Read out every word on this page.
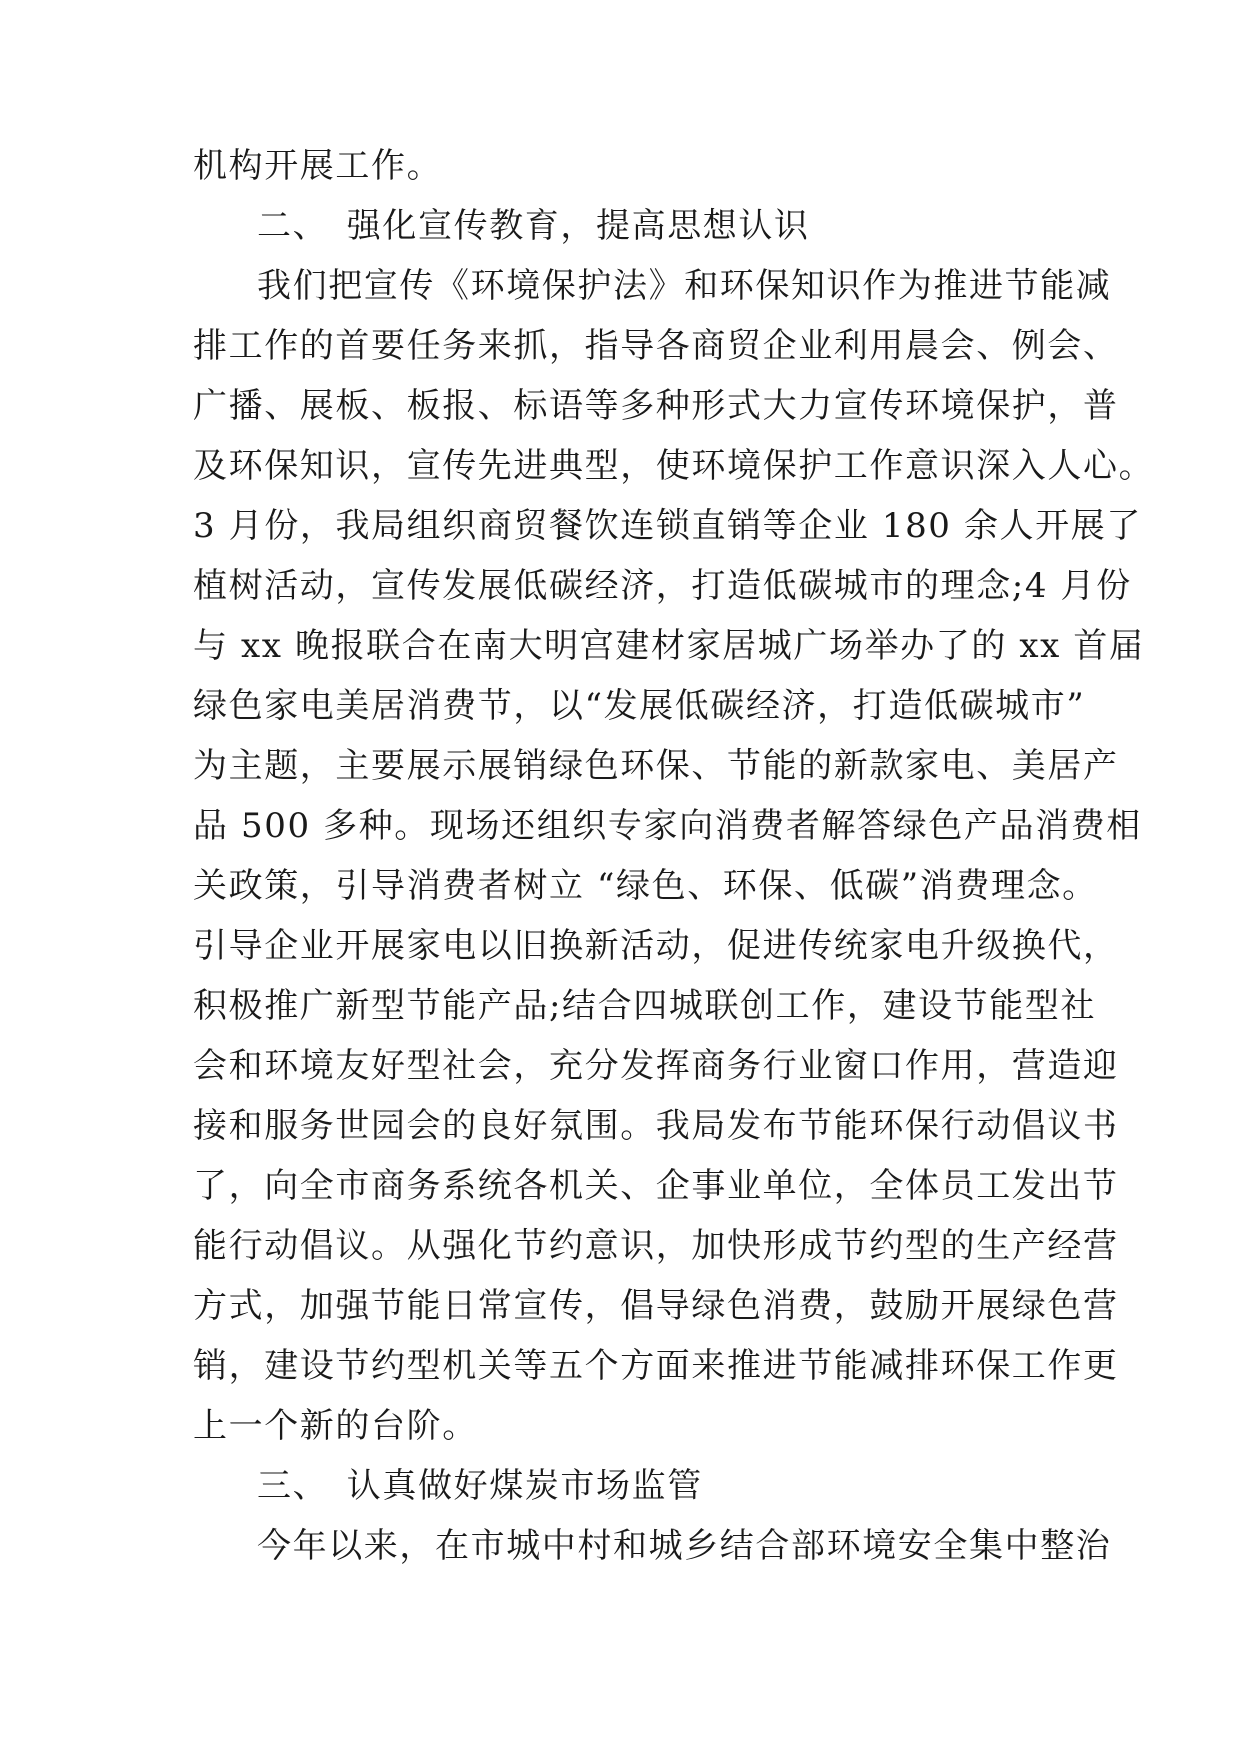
机构开展工作。
二、　强化宣传教育，提高思想认识
我们把宣传《环境保护法》和环保知识作为推进节能减
排工作的首要任务来抓，指导各商贸企业利用晨会、例会、
广播、展板、板报、标语等多种形式大力宣传环境保护，普
及环保知识，宣传先进典型，使环境保护工作意识深入人心。
3 月份，我局组织商贸餐饮连锁直销等企业 180 余人开展了
植树活动，宣传发展低碳经济，打造低碳城市的理念;4 月份
与 xx 晚报联合在南大明宫建材家居城广场举办了的 xx 首届
绿色家电美居消费节，以“发展低碳经济，打造低碳城市”
为主题，主要展示展销绿色环保、节能的新款家电、美居产
品 500 多种。现场还组织专家向消费者解答绿色产品消费相
关政策，引导消费者树立 “绿色、环保、低碳”消费理念。
引导企业开展家电以旧换新活动，促进传统家电升级换代，
积极推广新型节能产品;结合四城联创工作，建设节能型社
会和环境友好型社会，充分发挥商务行业窗口作用，营造迎
接和服务世园会的良好氛围。我局发布节能环保行动倡议书
了，向全市商务系统各机关、企事业单位，全体员工发出节
能行动倡议。从强化节约意识，加快形成节约型的生产经营
方式，加强节能日常宣传，倡导绿色消费，鼓励开展绿色营
销，建设节约型机关等五个方面来推进节能减排环保工作更
上一个新的台阶。
三、　认真做好煤炭市场监管
今年以来，在市城中村和城乡结合部环境安全集中整治
